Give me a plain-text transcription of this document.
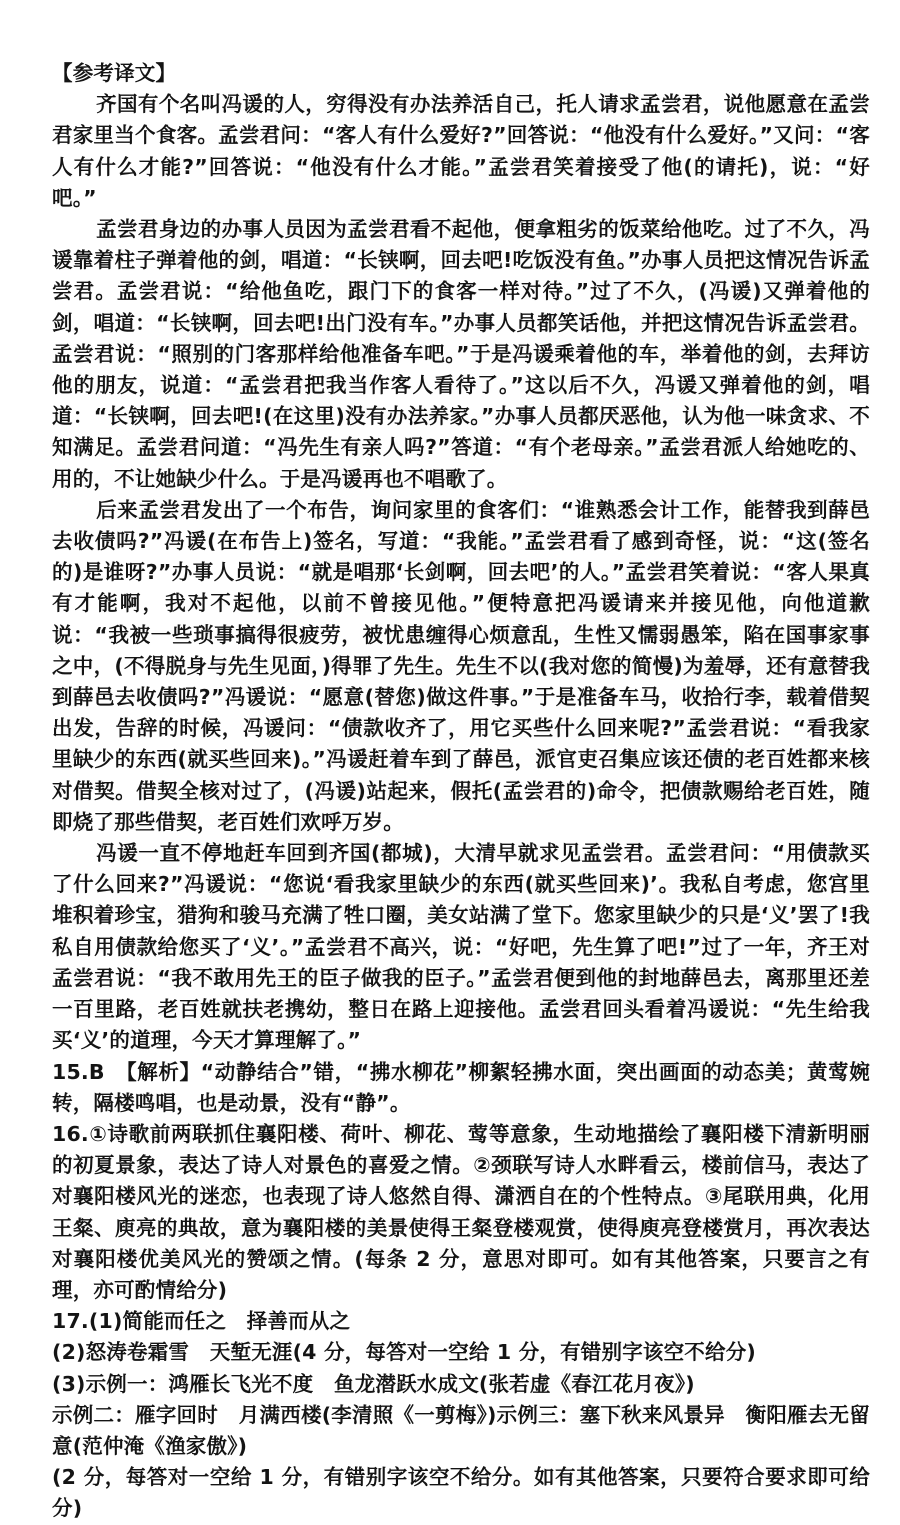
【参考译文】

齐国有个名叫冯谖的人，穷得没有办法养活自己，托人请求孟尝君，说他愿意在孟尝君家里当个食客。孟尝君问：“客人有什么爱好?”回答说：“他没有什么爱好。”又问：“客人有什么才能?”回答说：“他没有什么才能。”孟尝君笑着接受了他(的请托)，说：“好吧。”

孟尝君身边的办事人员因为孟尝君看不起他，便拿粗劣的饭菜给他吃。过了不久，冯谖靠着柱子弹着他的剑，唱道：“长铗啊，回去吧!吃饭没有鱼。”办事人员把这情况告诉孟尝君。孟尝君说：“给他鱼吃，跟门下的食客一样对待。”过了不久，(冯谖)又弹着他的剑，唱道：“长铗啊，回去吧!出门没有车。”办事人员都笑话他，并把这情况告诉孟尝君。孟尝君说：“照别的门客那样给他准备车吧。”于是冯谖乘着他的车，举着他的剑，去拜访他的朋友，说道：“孟尝君把我当作客人看待了。”这以后不久，冯谖又弹着他的剑，唱道：“长铗啊，回去吧!(在这里)没有办法养家。”办事人员都厌恶他，认为他一味贪求、不知满足。孟尝君问道：“冯先生有亲人吗?”答道：“有个老母亲。”孟尝君派人给她吃的、用的，不让她缺少什么。于是冯谖再也不唱歌了。

后来孟尝君发出了一个布告，询问家里的食客们：“谁熟悉会计工作，能替我到薛邑去收债吗?”冯谖(在布告上)签名，写道：“我能。”孟尝君看了感到奇怪，说：“这(签名的)是谁呀?”办事人员说：“就是唱那‘长剑啊，回去吧’的人。”孟尝君笑着说：“客人果真有才能啊，我对不起他，以前不曾接见他。”便特意把冯谖请来并接见他，向他道歉说：“我被一些琐事搞得很疲劳，被忧患缠得心烦意乱，生性又懦弱愚笨，陷在国事家事之中，(不得脱身与先生见面，)得罪了先生。先生不以(我对您的简慢)为羞辱，还有意替我到薛邑去收债吗?”冯谖说：“愿意(替您)做这件事。”于是准备车马，收拾行李，载着借契出发，告辞的时候，冯谖问：“债款收齐了，用它买些什么回来呢?”孟尝君说：“看我家里缺少的东西(就买些回来)。”冯谖赶着车到了薛邑，派官吏召集应该还债的老百姓都来核对借契。借契全核对过了，(冯谖)站起来，假托(孟尝君的)命令，把债款赐给老百姓，随即烧了那些借契，老百姓们欢呼万岁。

冯谖一直不停地赶车回到齐国(都城)，大清早就求见孟尝君。孟尝君问：“用债款买了什么回来?”冯谖说：“您说‘看我家里缺少的东西(就买些回来)’。我私自考虑，您宫里堆积着珍宝，猎狗和骏马充满了牲口圈，美女站满了堂下。您家里缺少的只是‘义’罢了!我私自用债款给您买了‘义’。”孟尝君不高兴，说：“好吧，先生算了吧!”过了一年，齐王对孟尝君说：“我不敢用先王的臣子做我的臣子。”孟尝君便到他的封地薛邑去，离那里还差一百里路，老百姓就扶老携幼，整日在路上迎接他。孟尝君回头看着冯谖说：“先生给我买‘义’的道理，今天才算理解了。”

15.B　【解析】“动静结合”错，“拂水柳花”柳絮轻拂水面，突出画面的动态美；黄莺婉转，隔楼鸣唱，也是动景，没有“静”。

16.①诗歌前两联抓住襄阳楼、荷叶、柳花、莺等意象，生动地描绘了襄阳楼下清新明丽的初夏景象，表达了诗人对景色的喜爱之情。②颈联写诗人水畔看云，楼前信马，表达了对襄阳楼风光的迷恋，也表现了诗人悠然自得、潇洒自在的个性特点。③尾联用典，化用王粲、庾亮的典故，意为襄阳楼的美景使得王粲登楼观赏，使得庾亮登楼赏月，再次表达对襄阳楼优美风光的赞颂之情。(每条 2 分，意思对即可。如有其他答案，只要言之有理，亦可酌情给分)

17.(1)简能而任之　择善而从之

(2)怒涛卷霜雪　天堑无涯(4 分，每答对一空给 1 分，有错别字该空不给分)

(3)示例一：鸿雁长飞光不度　鱼龙潜跃水成文(张若虚《春江花月夜》)

示例二：雁字回时　月满西楼(李清照《一剪梅》)示例三：塞下秋来风景异　衡阳雁去无留意(范仲淹《渔家傲》)

(2 分，每答对一空给 1 分，有错别字该空不给分。如有其他答案，只要符合要求即可给分)
